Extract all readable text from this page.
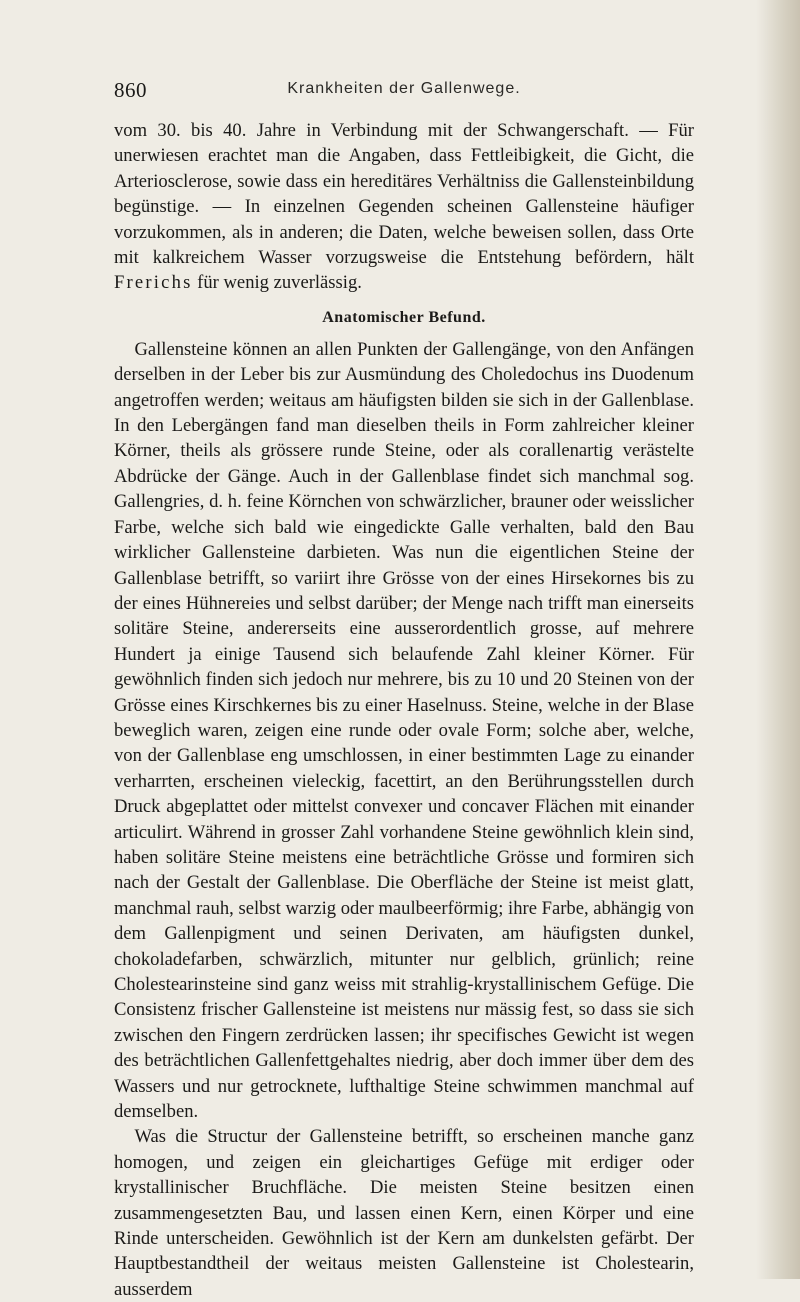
860	Krankheiten der Gallenwege.

vom 30. bis 40. Jahre in Verbindung mit der Schwangerschaft. — Für unerwiesen erachtet man die Angaben, dass Fettleibigkeit, die Gicht, die Arteriosclerose, sowie dass ein hereditäres Verhältniss die Gallensteinbildung begünstige. — In einzelnen Gegenden scheinen Gallensteine häufiger vorzukommen, als in anderen; die Daten, welche beweisen sollen, dass Orte mit kalkreichem Wasser vorzugsweise die Entstehung befördern, hält Frerichs für wenig zuverlässig.

Anatomischer Befund.

Gallensteine können an allen Punkten der Gallengänge, von den Anfängen derselben in der Leber bis zur Ausmündung des Choledochus ins Duodenum angetroffen werden; weitaus am häufigsten bilden sie sich in der Gallenblase. In den Lebergängen fand man dieselben theils in Form zahlreicher kleiner Körner, theils als grössere runde Steine, oder als corallenartig verästelte Abdrücke der Gänge. Auch in der Gallenblase findet sich manchmal sog. Gallengries, d. h. feine Körnchen von schwärzlicher, brauner oder weisslicher Farbe, welche sich bald wie eingedickte Galle verhalten, bald den Bau wirklicher Gallensteine darbieten. Was nun die eigentlichen Steine der Gallenblase betrifft, so variirt ihre Grösse von der eines Hirsekornes bis zu der eines Hühnereies und selbst darüber; der Menge nach trifft man einerseits solitäre Steine, andererseits eine ausserordentlich grosse, auf mehrere Hundert ja einige Tausend sich belaufende Zahl kleiner Körner. Für gewöhnlich finden sich jedoch nur mehrere, bis zu 10 und 20 Steinen von der Grösse eines Kirschkernes bis zu einer Haselnuss. Steine, welche in der Blase beweglich waren, zeigen eine runde oder ovale Form; solche aber, welche, von der Gallenblase eng umschlossen, in einer bestimmten Lage zu einander verharrten, erscheinen vieleckig, facettirt, an den Berührungsstellen durch Druck abgeplattet oder mittelst convexer und concaver Flächen mit einander articulirt. Während in grosser Zahl vorhandene Steine gewöhnlich klein sind, haben solitäre Steine meistens eine beträchtliche Grösse und formiren sich nach der Gestalt der Gallenblase. Die Oberfläche der Steine ist meist glatt, manchmal rauh, selbst warzig oder maulbeerförmig; ihre Farbe, abhängig von dem Gallenpigment und seinen Derivaten, am häufigsten dunkel, chokoladefarben, schwärzlich, mitunter nur gelblich, grünlich; reine Cholestearinsteine sind ganz weiss mit strahlig-krystallinischem Gefüge. Die Consistenz frischer Gallensteine ist meistens nur mässig fest, so dass sie sich zwischen den Fingern zerdrücken lassen; ihr specifisches Gewicht ist wegen des beträchtlichen Gallenfettgehaltes niedrig, aber doch immer über dem des Wassers und nur getrocknete, lufthaltige Steine schwimmen manchmal auf demselben.

Was die Structur der Gallensteine betrifft, so erscheinen manche ganz homogen, und zeigen ein gleichartiges Gefüge mit erdiger oder krystallinischer Bruchfläche. Die meisten Steine besitzen einen zusammengesetzten Bau, und lassen einen Kern, einen Körper und eine Rinde unterscheiden. Gewöhnlich ist der Kern am dunkelsten gefärbt. Der Hauptbestandtheil der weitaus meisten Gallensteine ist Cholestearin, ausserdem
